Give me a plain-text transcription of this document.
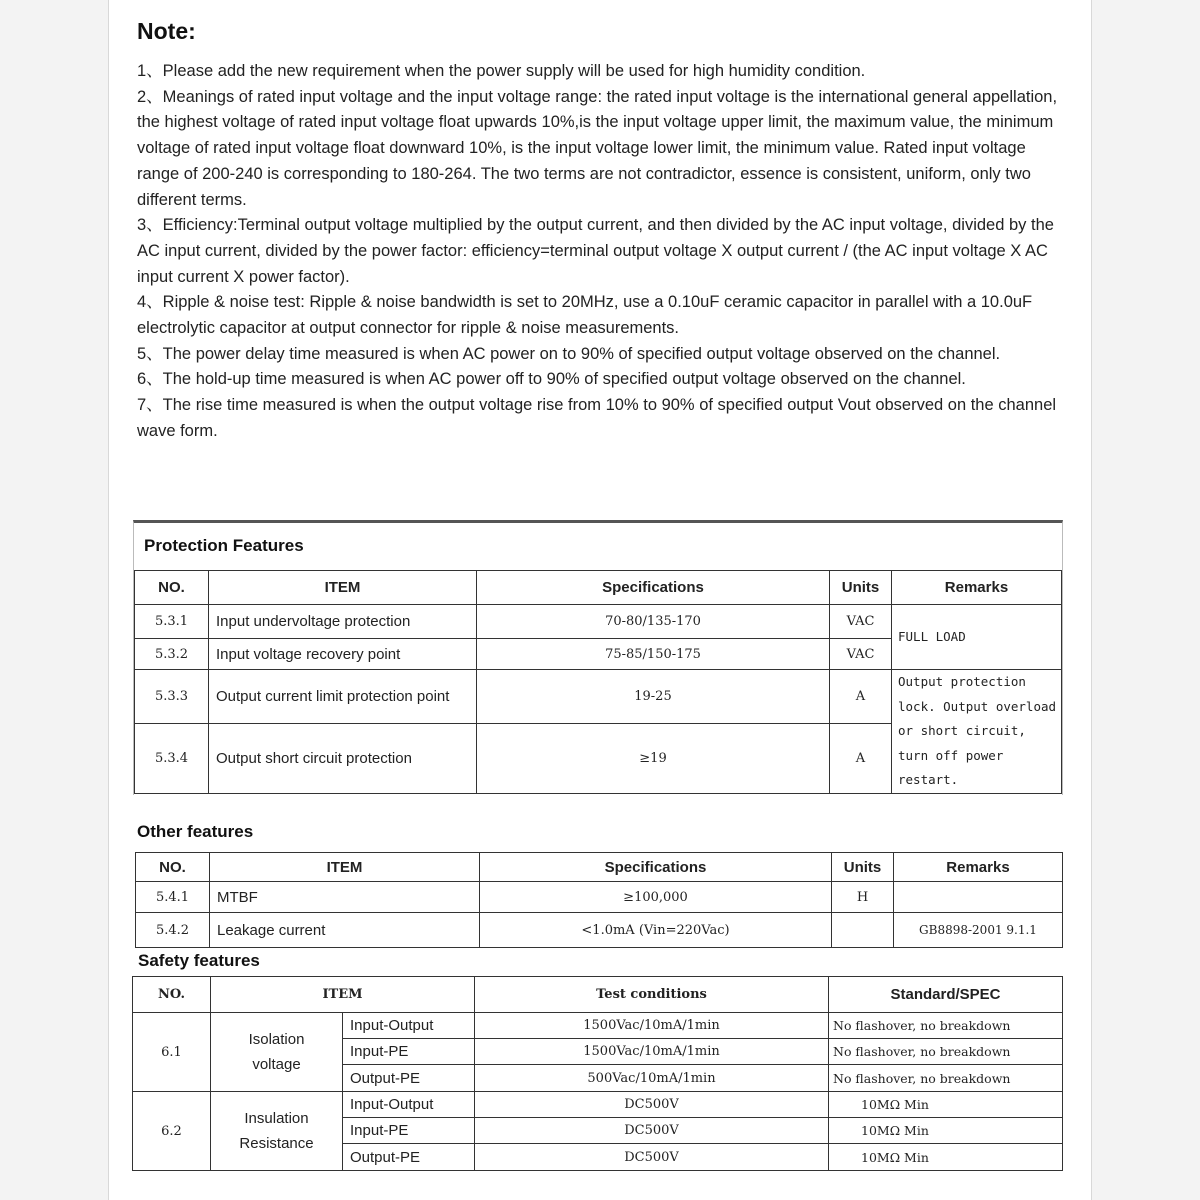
Note:

1、Please add the new requirement when the power supply will be used for high humidity condition.

2、Meanings of rated input voltage and the input voltage range: the rated input voltage is the international general appellation, the highest voltage of rated input voltage float upwards 10%,is the input voltage upper limit, the maximum value, the minimum voltage of rated input voltage float downward 10%, is the input voltage lower limit, the minimum value. Rated input voltage range of 200-240 is corresponding to 180-264. The two terms are not contradictor, essence is consistent, uniform, only two different terms.

3、Efficiency:Terminal output voltage multiplied by the output current, and then divided by the AC input voltage, divided by the AC input current, divided by the power factor: efficiency=terminal output voltage X output current / (the AC input voltage X AC input current X power factor).

4、Ripple & noise test: Ripple & noise bandwidth is set to 20MHz, use a 0.10uF ceramic capacitor in parallel with a 10.0uF electrolytic capacitor at output connector for ripple & noise measurements.

5、The power delay time measured is when AC power on to 90% of specified output voltage observed on the channel.

6、The hold-up time measured is when AC power off to 90% of specified output voltage observed on the channel.

7、The rise time measured is when the output voltage rise from 10% to 90% of specified output Vout observed on the channel wave form.

Protection Features
NO.	ITEM	Specifications	Units	Remarks
5.3.1	Input undervoltage protection	70-80/135-170	VAC	FULL LOAD
5.3.2	Input voltage recovery point	75-85/150-175	VAC	
5.3.3	Output current limit protection point	19-25	A	Output protection lock. Output overload or short circuit, turn off power restart.
5.3.4	Output short circuit protection	≥19	A	
Other features
NO.	ITEM	Specifications	Units	Remarks
5.4.1	MTBF	≥100,000	H	
5.4.2	Leakage current	<1.0mA (Vin=220Vac)		GB8898-2001 9.1.1
Safety features
NO.	ITEM		Test conditions	Standard/SPEC
6.1	Isolation voltage	Input-Output	1500Vac/10mA/1min	No flashover, no breakdown
		Input-PE	1500Vac/10mA/1min	No flashover, no breakdown
		Output-PE	500Vac/10mA/1min	No flashover, no breakdown
6.2	Insulation Resistance	Input-Output	DC500V	10MΩ Min
		Input-PE	DC500V	10MΩ Min
		Output-PE	DC500V	10MΩ Min
